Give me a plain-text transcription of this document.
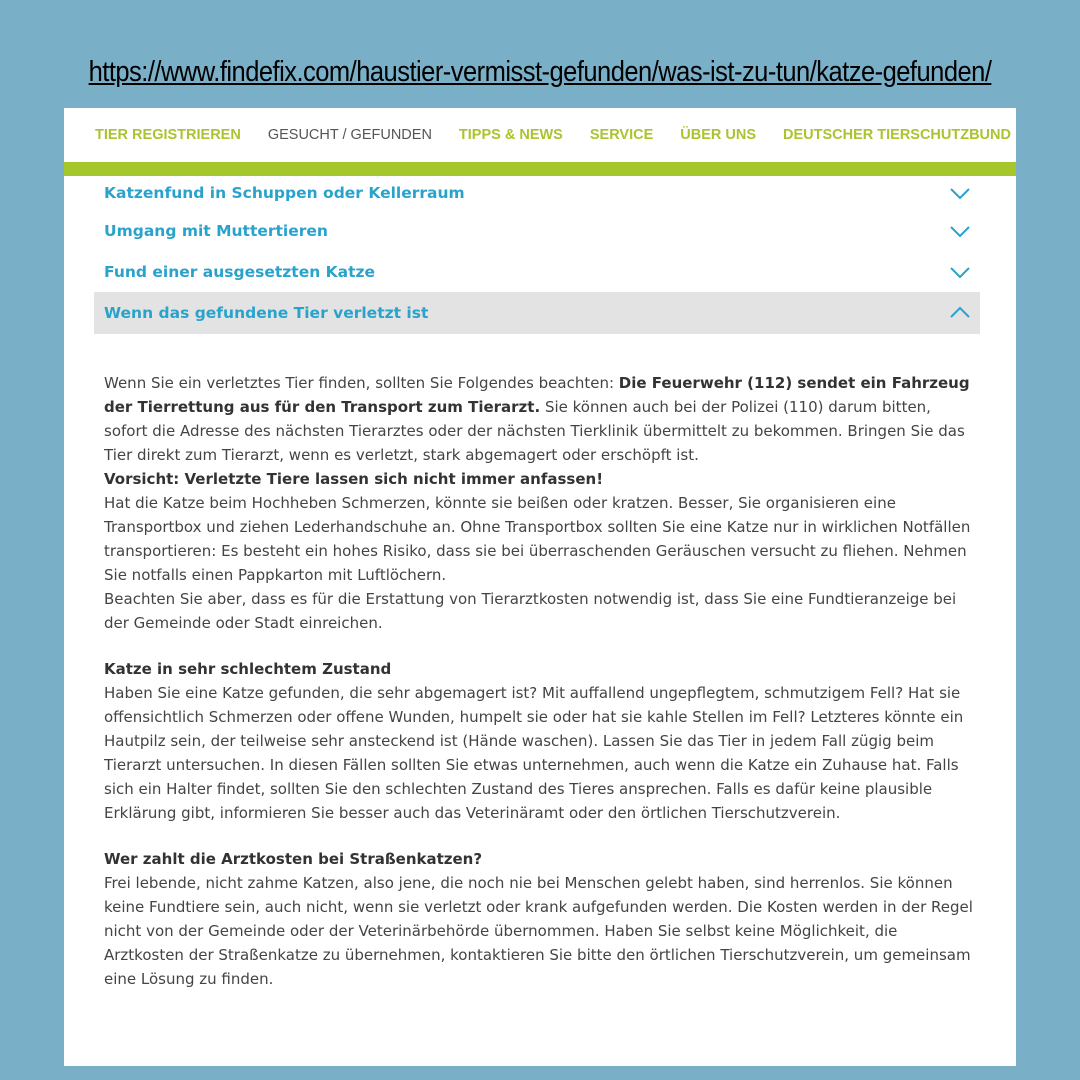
https://www.findefix.com/haustier-vermisst-gefunden/was-ist-zu-tun/katze-gefunden/
TIER REGISTRIEREN GESUCHT / GEFUNDEN TIPPS & NEWS SERVICE ÜBER UNS DEUTSCHER TIERSCHUTZBUND
Katzenfund in Schuppen oder Kellerraum
Umgang mit Muttertieren
Fund einer ausgesetzten Katze
Wenn das gefundene Tier verletzt ist

Wenn Sie ein verletztes Tier finden, sollten Sie Folgendes beachten: Die Feuerwehr (112) sendet ein Fahrzeug der Tierrettung aus für den Transport zum Tierarzt. Sie können auch bei der Polizei (110) darum bitten, sofort die Adresse des nächsten Tierarztes oder der nächsten Tierklinik übermittelt zu bekommen. Bringen Sie das Tier direkt zum Tierarzt, wenn es verletzt, stark abgemagert oder erschöpft ist.

Vorsicht: Verletzte Tiere lassen sich nicht immer anfassen!

Hat die Katze beim Hochheben Schmerzen, könnte sie beißen oder kratzen. Besser, Sie organisieren eine Transportbox und ziehen Lederhandschuhe an. Ohne Transportbox sollten Sie eine Katze nur in wirklichen Notfällen transportieren: Es besteht ein hohes Risiko, dass sie bei überraschenden Geräuschen versucht zu fliehen. Nehmen Sie notfalls einen Pappkarton mit Luftlöchern.

Beachten Sie aber, dass es für die Erstattung von Tierarztkosten notwendig ist, dass Sie eine Fundtieranzeige bei der Gemeinde oder Stadt einreichen.

Katze in sehr schlechtem Zustand

Haben Sie eine Katze gefunden, die sehr abgemagert ist? Mit auffallend ungepflegtem, schmutzigem Fell? Hat sie offensichtlich Schmerzen oder offene Wunden, humpelt sie oder hat sie kahle Stellen im Fell? Letzteres könnte ein Hautpilz sein, der teilweise sehr ansteckend ist (Hände waschen). Lassen Sie das Tier in jedem Fall zügig beim Tierarzt untersuchen. In diesen Fällen sollten Sie etwas unternehmen, auch wenn die Katze ein Zuhause hat. Falls sich ein Halter findet, sollten Sie den schlechten Zustand des Tieres ansprechen. Falls es dafür keine plausible Erklärung gibt, informieren Sie besser auch das Veterinäramt oder den örtlichen Tierschutzverein.

Wer zahlt die Arztkosten bei Straßenkatzen?

Frei lebende, nicht zahme Katzen, also jene, die noch nie bei Menschen gelebt haben, sind herrenlos. Sie können keine Fundtiere sein, auch nicht, wenn sie verletzt oder krank aufgefunden werden. Die Kosten werden in der Regel nicht von der Gemeinde oder der Veterinärbehörde übernommen. Haben Sie selbst keine Möglichkeit, die Arztkosten der Straßenkatze zu übernehmen, kontaktieren Sie bitte den örtlichen Tierschutzverein, um gemeinsam eine Lösung zu finden.
